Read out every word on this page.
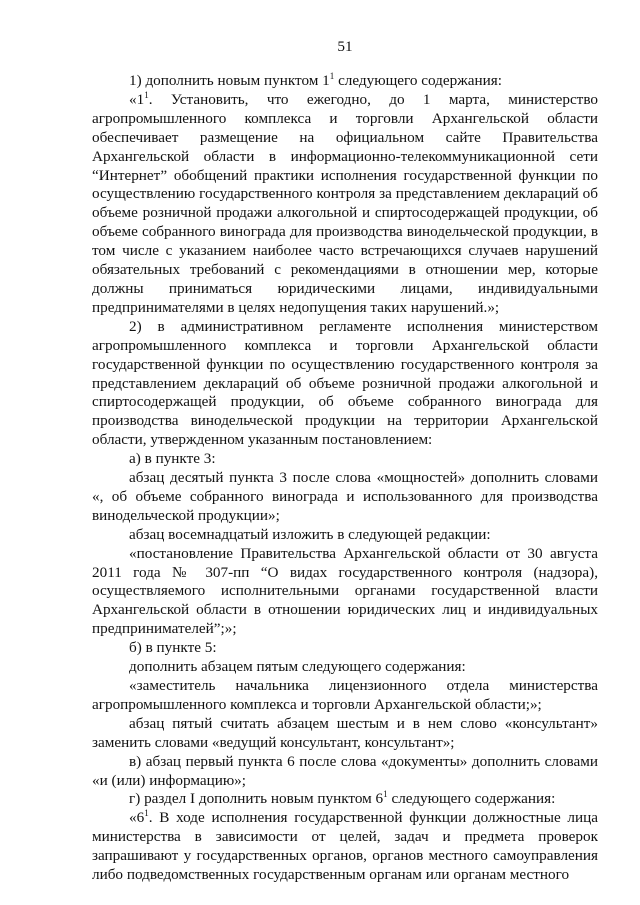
51

1) дополнить новым пунктом $1^1$ следующего содержания:

«$1^1$. Установить, что ежегодно, до 1 марта, министерство агропромышленного комплекса и торговли Архангельской области обеспечивает размещение на официальном сайте Правительства Архангельской области в информационно-телекоммуникационной сети “Интернет” обобщений практики исполнения государственной функции по осуществлению государственного контроля за представлением деклараций об объеме розничной продажи алкогольной и спиртосодержащей продукции, об объеме собранного винограда для производства винодельческой продукции, в том числе с указанием наиболее часто встречающихся случаев нарушений обязательных требований с рекомендациями в отношении мер, которые должны приниматься юридическими лицами, индивидуальными предпринимателями в целях недопущения таких нарушений.»;

2) в административном регламенте исполнения министерством агропромышленного комплекса и торговли Архангельской области государственной функции по осуществлению государственного контроля за представлением деклараций об объеме розничной продажи алкогольной и спиртосодержащей продукции, об объеме собранного винограда для производства винодельческой продукции на территории Архангельской области, утвержденном указанным постановлением:

а) в пункте 3:

абзац десятый пункта 3 после слова «мощностей» дополнить словами «, об объеме собранного винограда и использованного для производства винодельческой продукции»;

абзац восемнадцатый изложить в следующей редакции:

«постановление Правительства Архангельской области от 30 августа 2011 года № 307-пп “О видах государственного контроля (надзора), осуществляемого исполнительными органами государственной власти Архангельской области в отношении юридических лиц и индивидуальных предпринимателей”;»;

б) в пункте 5:

дополнить абзацем пятым следующего содержания:

«заместитель начальника лицензионного отдела министерства агропромышленного комплекса и торговли Архангельской области;»;

абзац пятый считать абзацем шестым и в нем слово «консультант» заменить словами «ведущий консультант, консультант»;

в) абзац первый пункта 6 после слова «документы» дополнить словами «и (или) информацию»;

г) раздел I дополнить новым пунктом $6^1$ следующего содержания:

«$6^1$. В ходе исполнения государственной функции должностные лица министерства в зависимости от целей, задач и предмета проверок запрашивают у государственных органов, органов местного самоуправления либо подведомственных государственным органам или органам местного
